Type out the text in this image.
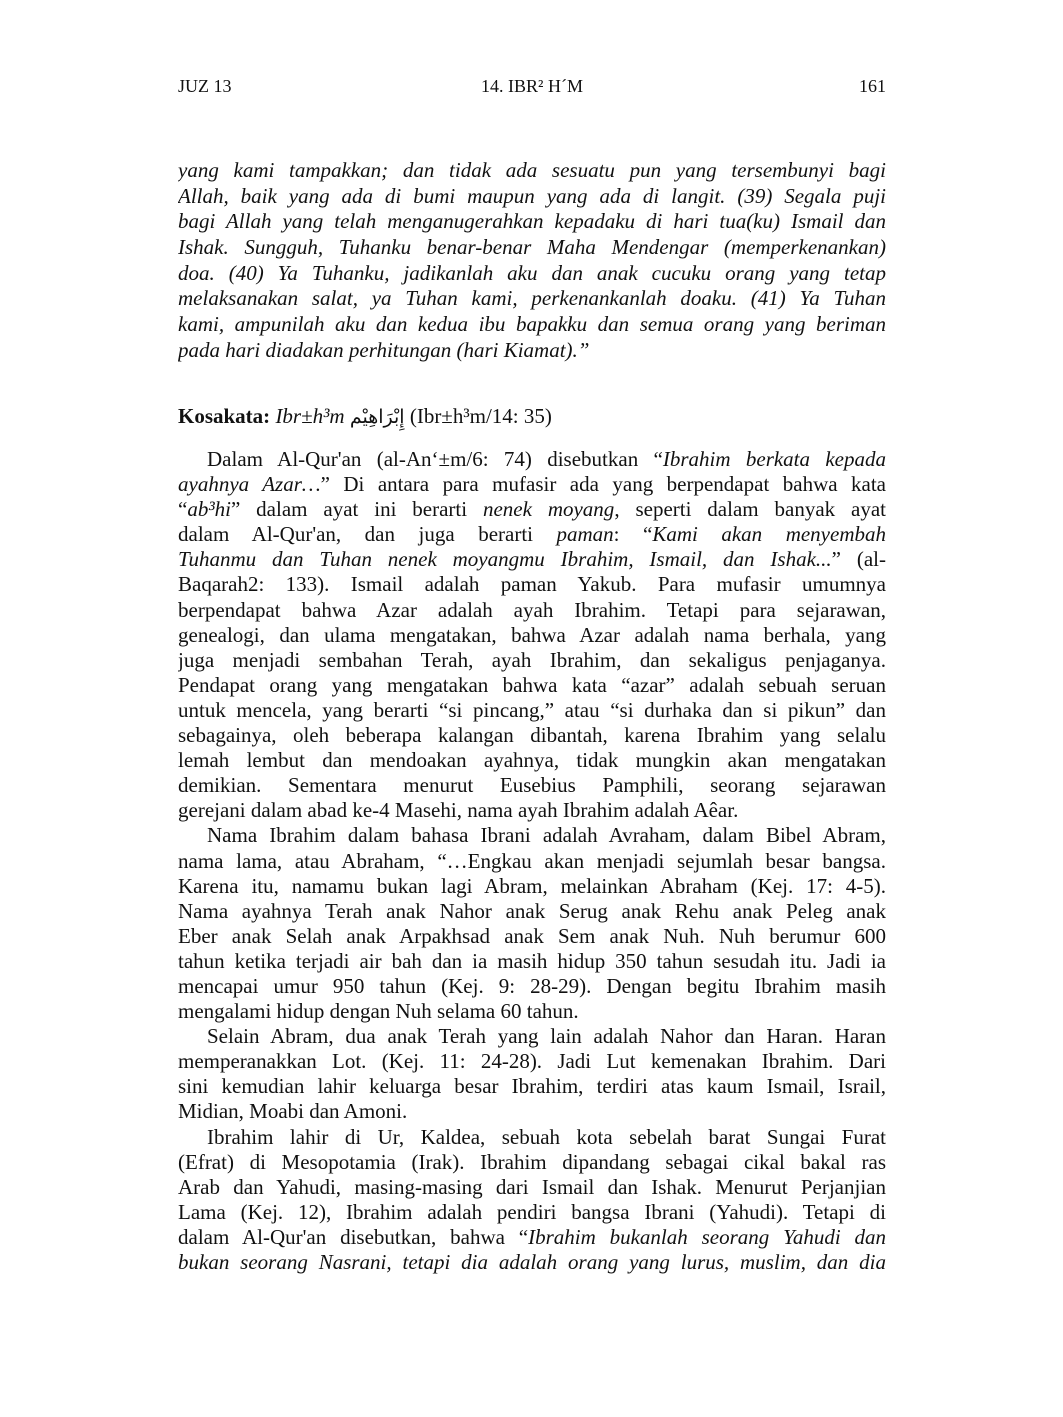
JUZ 13	14. IBR² H´M	161
yang kami tampakkan; dan tidak ada sesuatu pun yang tersembunyi bagi
Allah, baik yang ada di bumi maupun yang ada di langit. (39) Segala puji
bagi Allah yang telah menganugerahkan kepadaku di hari tua(ku) Ismail dan
Ishak. Sungguh, Tuhanku benar-benar Maha Mendengar (memperkenankan)
doa. (40) Ya Tuhanku, jadikanlah aku dan anak cucuku orang yang tetap
melaksanakan salat, ya Tuhan kami, perkenankanlah doaku. (41) Ya Tuhan
kami, ampunilah aku dan kedua ibu bapakku dan semua orang yang beriman
pada hari diadakan perhitungan (hari Kiamat).”
Kosakata: Ibr±h³m إِبْرَاهِيْم (Ibr±h³m/14: 35)
Dalam Al-Qur'an (al-An‘±m/6: 74) disebutkan “Ibrahim berkata kepada
ayahnya Azar…” Di antara para mufasir ada yang berpendapat bahwa kata
“ab³hi” dalam ayat ini berarti nenek moyang, seperti dalam banyak ayat
dalam Al-Qur'an, dan juga berarti paman: “Kami akan menyembah
Tuhanmu dan Tuhan nenek moyangmu Ibrahim, Ismail, dan Ishak...” (al-
Baqarah2: 133). Ismail adalah paman Yakub. Para mufasir umumnya
berpendapat bahwa Azar adalah ayah Ibrahim. Tetapi para sejarawan,
genealogi, dan ulama mengatakan, bahwa Azar adalah nama berhala, yang
juga menjadi sembahan Terah, ayah Ibrahim, dan sekaligus penjaganya.
Pendapat orang yang mengatakan bahwa kata “azar” adalah sebuah seruan
untuk mencela, yang berarti “si pincang,” atau “si durhaka dan si pikun” dan
sebagainya, oleh beberapa kalangan dibantah, karena Ibrahim yang selalu
lemah lembut dan mendoakan ayahnya, tidak mungkin akan mengatakan
demikian. Sementara menurut Eusebius Pamphili, seorang sejarawan
gerejani dalam abad ke-4 Masehi, nama ayah Ibrahim adalah Aêar.
Nama Ibrahim dalam bahasa Ibrani adalah Avraham, dalam Bibel Abram,
nama lama, atau Abraham, “…Engkau akan menjadi sejumlah besar bangsa.
Karena itu, namamu bukan lagi Abram, melainkan Abraham (Kej. 17: 4-5).
Nama ayahnya Terah anak Nahor anak Serug anak Rehu anak Peleg anak
Eber anak Selah anak Arpakhsad anak Sem anak Nuh. Nuh berumur 600
tahun ketika terjadi air bah dan ia masih hidup 350 tahun sesudah itu. Jadi ia
mencapai umur 950 tahun (Kej. 9: 28-29). Dengan begitu Ibrahim masih
mengalami hidup dengan Nuh selama 60 tahun.
Selain Abram, dua anak Terah yang lain adalah Nahor dan Haran. Haran
memperanakkan Lot. (Kej. 11: 24-28). Jadi Lut kemenakan Ibrahim. Dari
sini kemudian lahir keluarga besar Ibrahim, terdiri atas kaum Ismail, Israil,
Midian, Moabi dan Amoni.
Ibrahim lahir di Ur, Kaldea, sebuah kota sebelah barat Sungai Furat
(Efrat) di Mesopotamia (Irak). Ibrahim dipandang sebagai cikal bakal ras
Arab dan Yahudi, masing-masing dari Ismail dan Ishak. Menurut Perjanjian
Lama (Kej. 12), Ibrahim adalah pendiri bangsa Ibrani (Yahudi). Tetapi di
dalam Al-Qur'an disebutkan, bahwa “Ibrahim bukanlah seorang Yahudi dan
bukan seorang Nasrani, tetapi dia adalah orang yang lurus, muslim, dan dia
